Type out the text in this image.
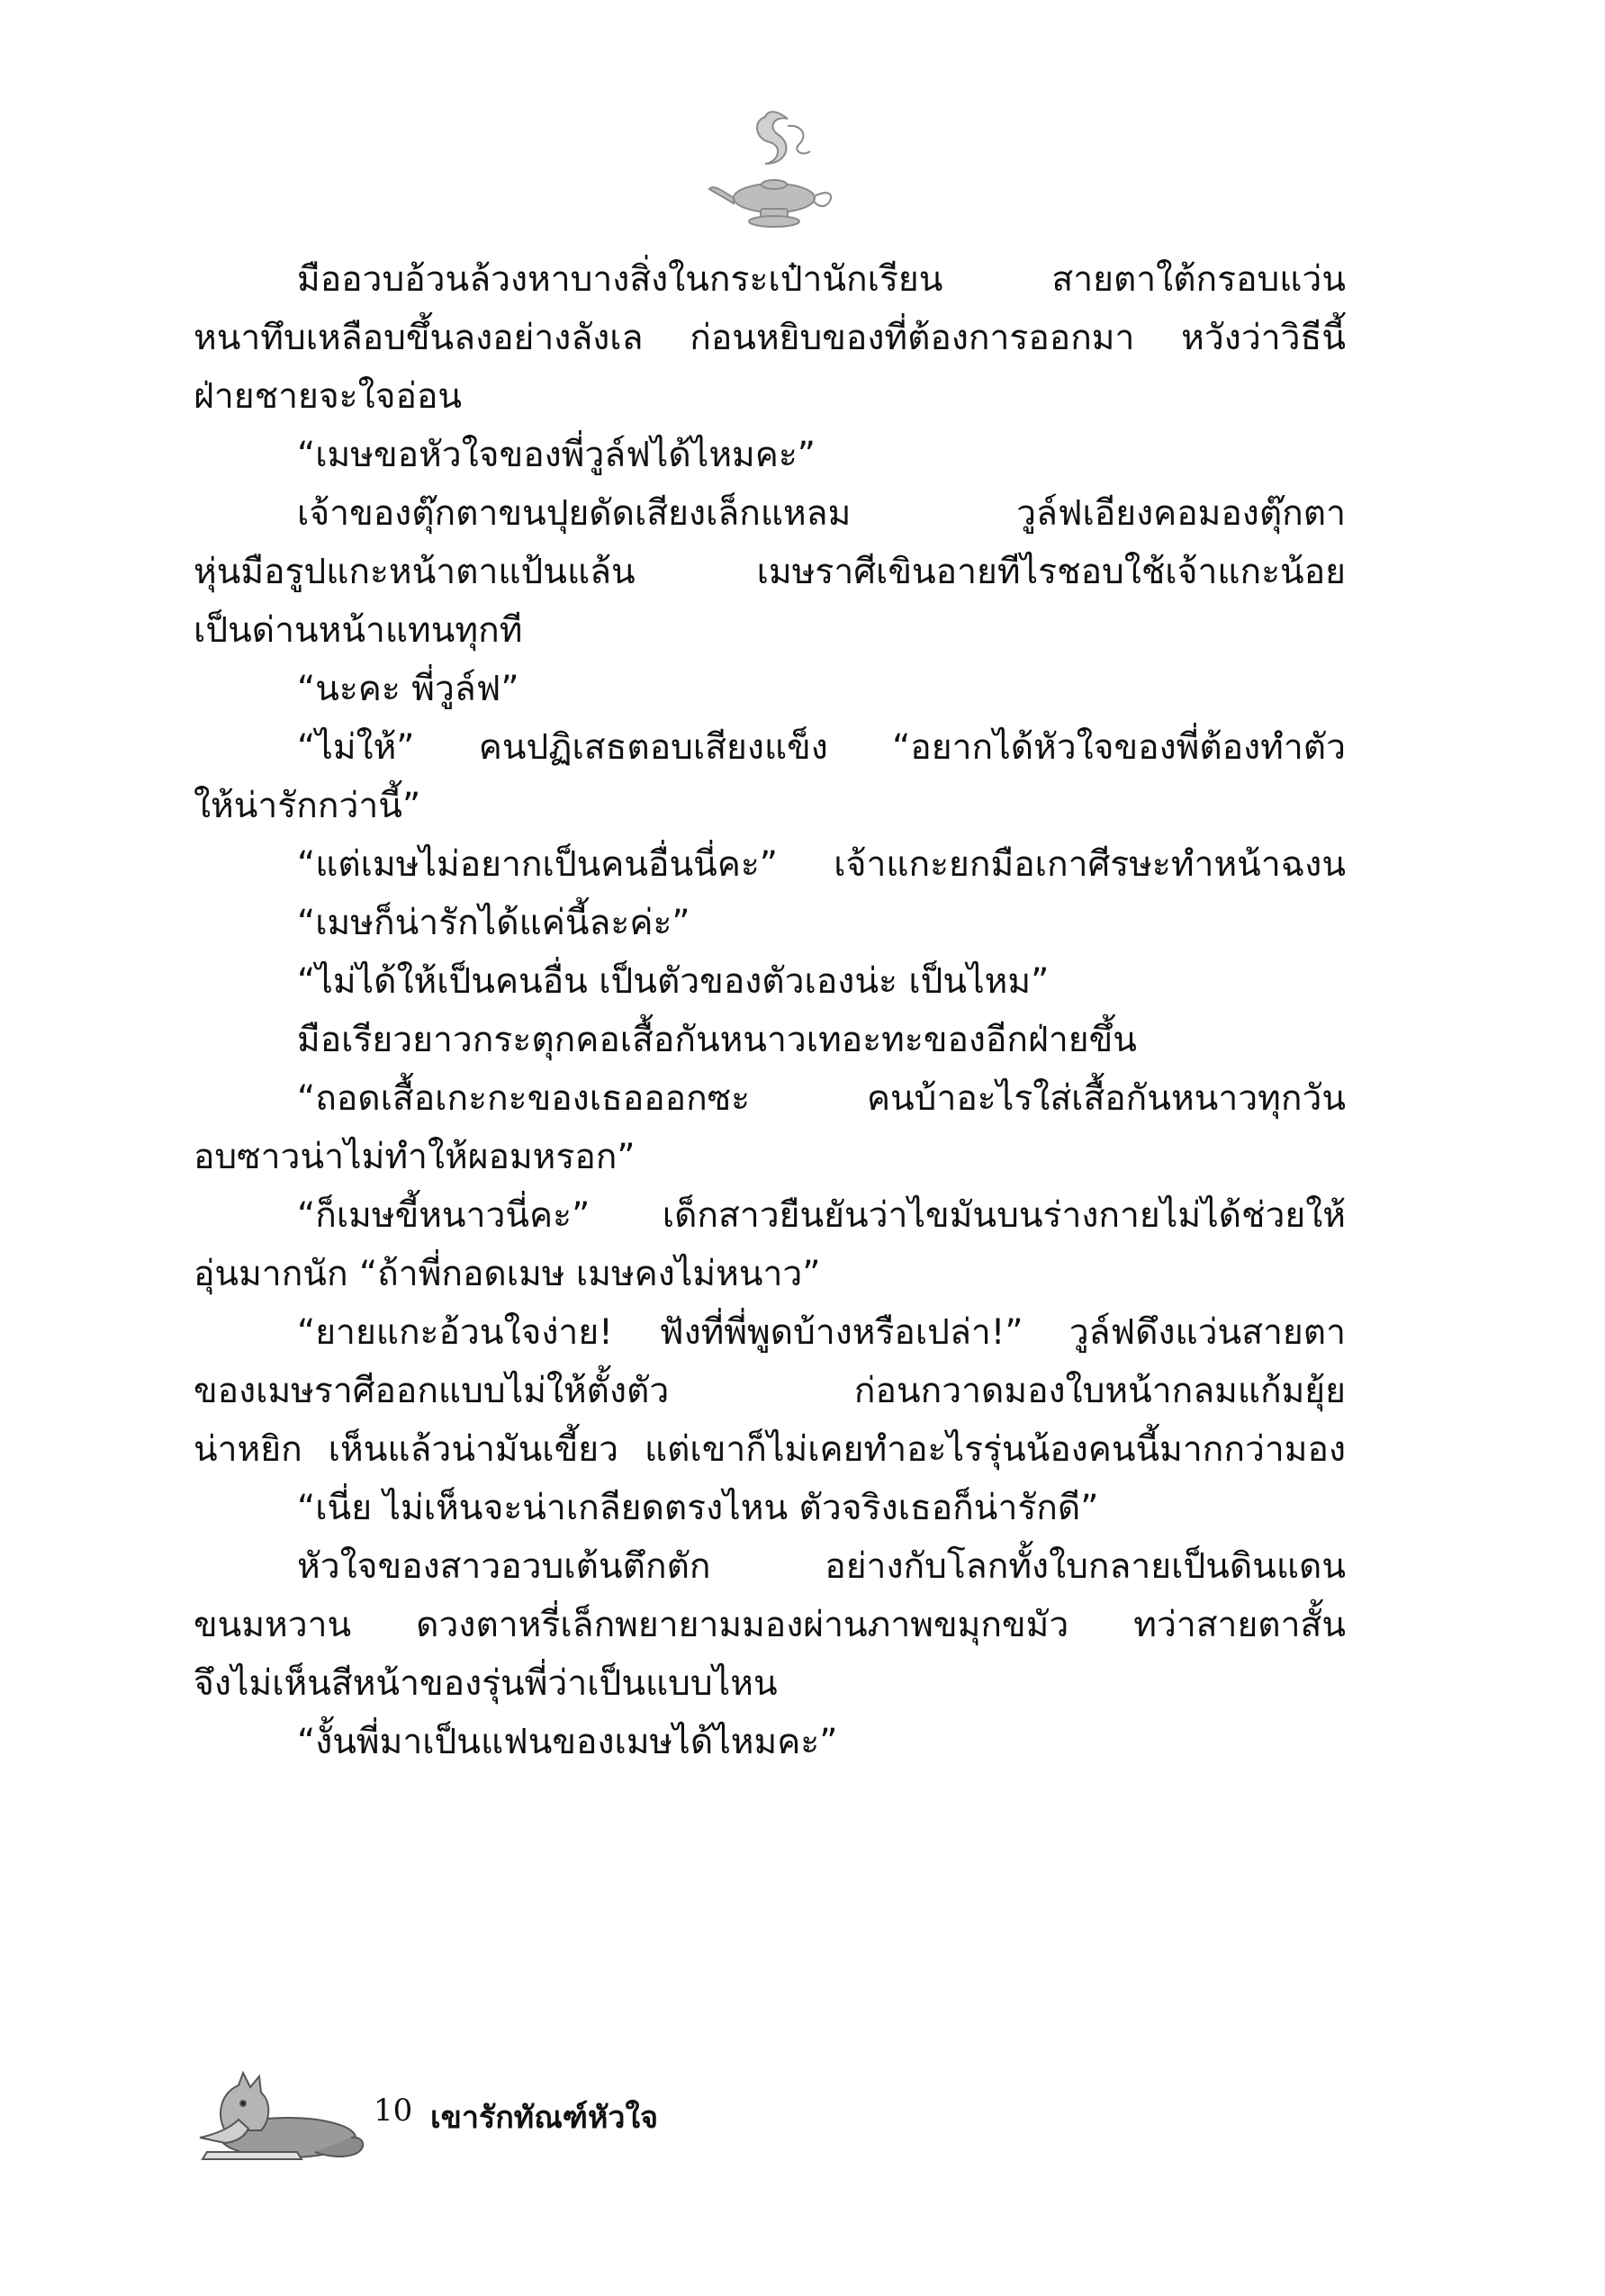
มืออวบอ้วนล้วงหาบางสิ่งในกระเป๋านักเรียน สายตาใต้กรอบแว่น
หนาทึบเหลือบขึ้นลงอย่างลังเล ก่อนหยิบของที่ต้องการออกมา หวังว่าวิธีนี้
ฝ่ายชายจะใจอ่อน
“เมษขอหัวใจของพี่วูล์ฟได้ไหมคะ”
เจ้าของตุ๊กตาขนปุยดัดเสียงเล็กแหลม วูล์ฟเอียงคอมองตุ๊กตา
หุ่นมือรูปแกะหน้าตาแป้นแล้น เมษราศีเขินอายทีไรชอบใช้เจ้าแกะน้อย
เป็นด่านหน้าแทนทุกที
“นะคะ พี่วูล์ฟ”
“ไม่ให้” คนปฏิเสธตอบเสียงแข็ง “อยากได้หัวใจของพี่ต้องทำตัว
ให้น่ารักกว่านี้”
“แต่เมษไม่อยากเป็นคนอื่นนี่คะ” เจ้าแกะยกมือเกาศีรษะทำหน้าฉงน
“เมษก็น่ารักได้แค่นี้ละค่ะ”
“ไม่ได้ให้เป็นคนอื่น เป็นตัวของตัวเองน่ะ เป็นไหม”
มือเรียวยาวกระตุกคอเสื้อกันหนาวเทอะทะของอีกฝ่ายขึ้น
“ถอดเสื้อเกะกะของเธอออกซะ คนบ้าอะไรใส่เสื้อกันหนาวทุกวัน
อบซาวน่าไม่ทำให้ผอมหรอก”
“ก็เมษขี้หนาวนี่คะ” เด็กสาวยืนยันว่าไขมันบนร่างกายไม่ได้ช่วยให้
อุ่นมากนัก “ถ้าพี่กอดเมษ เมษคงไม่หนาว”
“ยายแกะอ้วนใจง่าย! ฟังที่พี่พูดบ้างหรือเปล่า!” วูล์ฟดึงแว่นสายตา
ของเมษราศีออกแบบไม่ให้ตั้งตัว ก่อนกวาดมองใบหน้ากลมแก้มยุ้ย
น่าหยิก เห็นแล้วน่ามันเขี้ยว แต่เขาก็ไม่เคยทำอะไรรุ่นน้องคนนี้มากกว่ามอง
“เนี่ย ไม่เห็นจะน่าเกลียดตรงไหน ตัวจริงเธอก็น่ารักดี”
หัวใจของสาวอวบเต้นตึกตัก อย่างกับโลกทั้งใบกลายเป็นดินแดน
ขนมหวาน ดวงตาหรี่เล็กพยายามมองผ่านภาพขมุกขมัว ทว่าสายตาสั้น
จึงไม่เห็นสีหน้าของรุ่นพี่ว่าเป็นแบบไหน
“งั้นพี่มาเป็นแฟนของเมษได้ไหมคะ”
10 เขารักทัณฑ์หัวใจ
